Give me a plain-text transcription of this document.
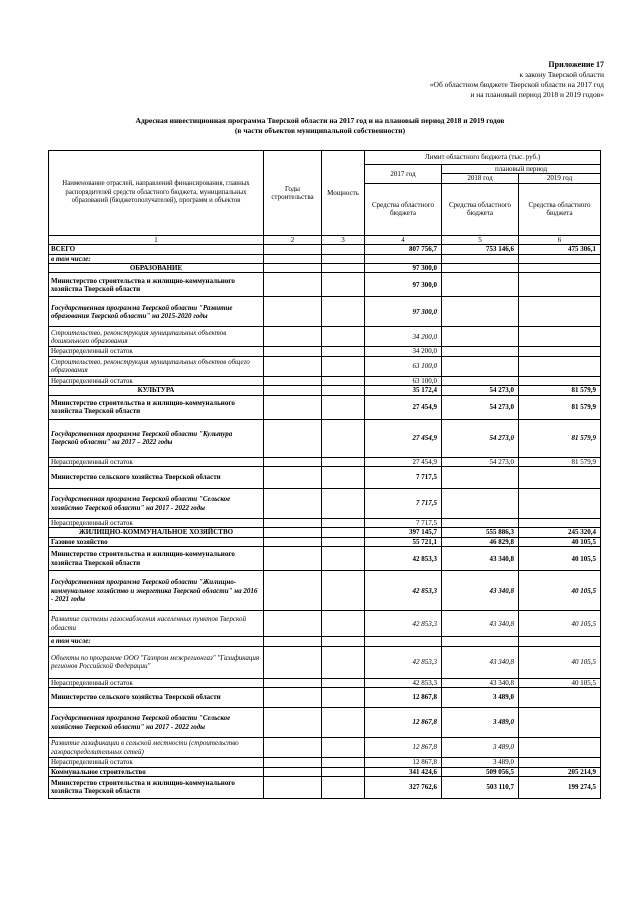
Приложение 17
к закону Тверской области
«Об областном бюджете Тверской области на 2017 год
и на плановый период 2018 и 2019 годов»
Адресная инвестиционная программа Тверской области на 2017 год и на плановый период 2018 и 2019 годов
(в части объектов муниципальной собственности)
Наименование отраслей, направлений финансирования, главных распорядителей средств областного бюджета, муниципальных образований (бюджетополучателей), программ и объектов	Годы строительства	Мощность	Лимит областного бюджета (тыс. руб.)		
			2017 год	плановый период	
				2018 год	2019 год
			Средства областного бюджета	Средства областного бюджета	Средства областного бюджета
1	2	3	4	5	6
ВСЕГО			807 756,7	753 146,6	475 306,1
в том числе:					
ОБРАЗОВАНИЕ			97 300,0		
Министерство строительства и жилищно-коммунального хозяйства Тверской области			97 300,0		
Государственная программа Тверской области "Развитие образования Тверской области" на 2015-2020 годы			97 300,0		
Строительство, реконструкция муниципальных объектов дошкольного образования			34 200,0		
Нераспределенный остаток			34 200,0		
Строительство, реконструкция муниципальных объектов общего образования			63 100,0		
Нераспределенный остаток			63 100,0		
КУЛЬТУРА			35 172,4	54 273,0	81 579,9
Министерство строительства и жилищно-коммунального хозяйства Тверской области			27 454,9	54 273,0	81 579,9
Государственная программа Тверской области "Культура Тверской области" на 2017 – 2022 годы			27 454,9	54 273,0	81 579,9
Нераспределенный остаток			27 454,9	54 273,0	81 579,9
Министерство сельского хозяйства Тверской области			7 717,5		
Государственная программа Тверской области "Сельское хозяйство Тверской области" на 2017 - 2022 годы			7 717,5		
Нераспределенный остаток			7 717,5		
ЖИЛИЩНО-КОММУНАЛЬНОЕ ХОЗЯЙСТВО			397 145,7	555 886,3	245 320,4
Газовое хозяйство			55 721,1	46 829,8	40 105,5
Министерство строительства и жилищно-коммунального хозяйства Тверской области			42 853,3	43 340,8	40 105,5
Государственная программа Тверской области "Жилищно-коммунальное хозяйство и энергетика Тверской области" на 2016 - 2021 годы			42 853,3	43 340,8	40 105,5
Развитие системы газоснабжения населенных пунктов Тверской области			42 853,3	43 340,8	40 105,5
в том числе:					
Объекты по программе ООО "Газпром межрегионгаз" "Газификация регионов Российской Федерации"			42 853,3	43 340,8	40 105,5
Нераспределенный остаток			42 853,3	43 340,8	40 105,5
Министерство сельского хозяйства Тверской области			12 867,8	3 489,0	
Государственная программа Тверской области "Сельское хозяйство Тверской области" на 2017 - 2022 годы			12 867,8	3 489,0	
Развитие газификации в сельской местности (строительство газораспределительных сетей)			12 867,8	3 489,0	
Нераспределенный остаток			12 867,8	3 489,0	
Коммунальное строительство			341 424,6	509 056,5	205 214,9
Министерство строительства и жилищно-коммунального хозяйства Тверской области			327 762,6	503 110,7	199 274,5
